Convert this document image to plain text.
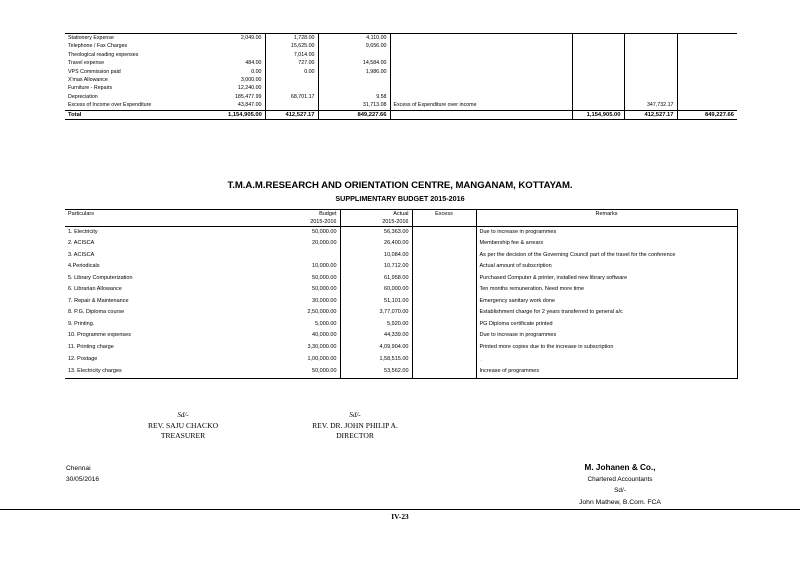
Stationery Expense	2,049.00	1,728.00	4,110.00				
Telephone / Fax Charges		15,625.00	9,656.00				
Theological reading expenses		7,014.00					
Travel expense	484.00	727.00	14,584.00				
VPS Commission paid	0.00	0.00	1,986.00				
X'mas Allowance	3,000.00						
Furniture - Repairs	12,240.00						
Depreciation	185,477.99	68,701.17	9.58				
Excess of Income over Expenditure	43,847.00		31,713.08	Excess of Expenditure over income		347,732.17	
Total	1,154,905.00	412,527.17	849,227.66		1,154,905.00	412,527.17	849,227.66
T.M.A.M.RESEARCH AND ORIENTATION CENTRE, MANGANAM, KOTTAYAM.
SUPPLIMENTARY BUDGET 2015-2016
Particulars	Budget	Actual	Excess	Remarks
	2015-2016	2015-2016		
1. Electricity	50,000.00	56,363.00		Due to increase in programmes
2. ACISCA	20,000.00	26,400.00		Membership fee & arrears
3. ACISCA		10,084.00		As per the decision of the Governing Council part of the travel for the conference
4.Periodicals	10,000.00	10,712.00		Actual amount of subscription
5. Library Computerization	50,000.00	61,958.00		Purchased Computer & printer, installed new library software
6. Librarian Allowance	50,000.00	60,000.00		Ten months remuneration. Need more time
7. Repair & Maintenance	30,000.00	51,101.00		Emergency sanitary work done
8. P.G. Diploma course	2,50,000.00	3,77,070.00		Establishment charge for 2 years transferred to general a/c
9. Printing.	5,000.00	5,920.00		PG Diploma certificate printed
10. Programme expenses	40,000.00	44,339.00		Due to increase in programmes
11. Printing charge	3,30,000.00	4,09,904.00		Printed more copies due to the increase in subscription
12. Postage	1,00,000.00	1,58,515.00		..
13. Electricity charges	50,000.00	53,562.00		Increase of programmes
Sd/-
REV. SAJU CHACKO
TREASURER
Sd/-
REV. DR. JOHN PHILIP A.
DIRECTOR
Chennai
30/05/2016
M. Johanen & Co.,
Chartered Accountants
Sd/-
John Mathew, B.Com. FCA
IV-23
